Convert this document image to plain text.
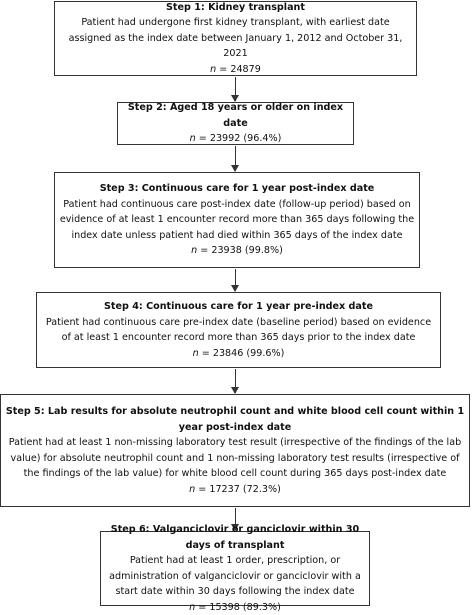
Step 1: Kidney transplant
Patient had undergone first kidney transplant, with earliest date assigned as the index date between January 1, 2012 and October 31, 2021
n = 24879
Step 2: Aged 18 years or older on index date
n = 23992 (96.4%)
Step 3: Continuous care for 1 year post-index date
Patient had continuous care post-index date (follow-up period) based on evidence of at least 1 encounter record more than 365 days following the index date unless patient had died within 365 days of the index date
n = 23938 (99.8%)
Step 4: Continuous care for 1 year pre-index date
Patient had continuous care pre-index date (baseline period) based on evidence of at least 1 encounter record more than 365 days prior to the index date
n = 23846 (99.6%)
Step 5: Lab results for absolute neutrophil count and white blood cell count within 1 year post-index date
Patient had at least 1 non-missing laboratory test result (irrespective of the findings of the lab value) for absolute neutrophil count and 1 non-missing laboratory test results (irrespective of the findings of the lab value) for white blood cell count during 365 days post-index date
n = 17237 (72.3%)
Step 6: Valganciclovir or ganciclovir within 30 days of transplant
Patient had at least 1 order, prescription, or administration of valganciclovir or ganciclovir with a start date within 30 days following the index date
n = 15398 (89.3%)
